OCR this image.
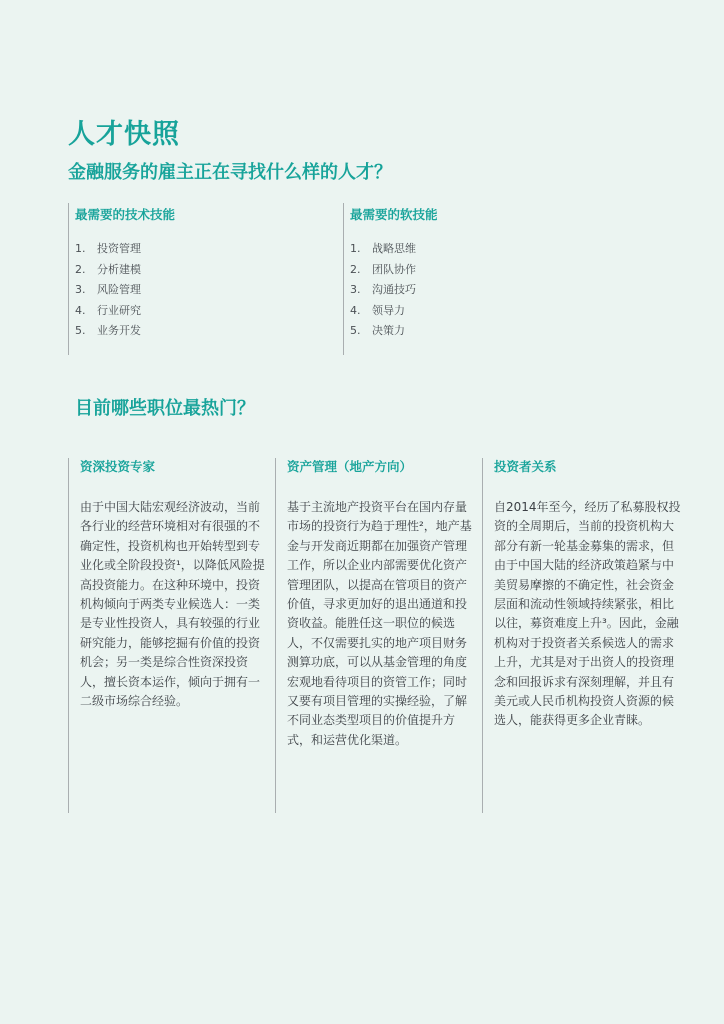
人才快照
金融服务的雇主正在寻找什么样的人才？
最需要的技术技能
1. 投资管理
2. 分析建模
3. 风险管理
4. 行业研究
5. 业务开发
最需要的软技能
1. 战略思维
2. 团队协作
3. 沟通技巧
4. 领导力
5. 决策力
目前哪些职位最热门？
资深投资专家

由于中国大陆宏观经济波动，当前各行业的经营环境相对有很强的不确定性，投资机构也开始转型到专业化或全阶段投资¹，以降低风险提高投资能力。在这种环境中，投资机构倾向于两类专业候选人：一类是专业性投资人，具有较强的行业研究能力，能够挖掘有价值的投资机会；另一类是综合性资深投资人，擅长资本运作，倾向于拥有一二级市场综合经验。

资产管理（地产方向）

基于主流地产投资平台在国内存量市场的投资行为趋于理性²，地产基金与开发商近期都在加强资产管理工作，所以企业内部需要优化资产管理团队，以提高在管项目的资产价值，寻求更加好的退出通道和投资收益。能胜任这一职位的候选人，不仅需要扎实的地产项目财务测算功底，可以从基金管理的角度宏观地看待项目的资管工作；同时又要有项目管理的实操经验，了解不同业态类型项目的价值提升方式，和运营优化渠道。

投资者关系

自2014年至今，经历了私募股权投资的全周期后，当前的投资机构大部分有新一轮基金募集的需求，但由于中国大陆的经济政策趋紧与中美贸易摩擦的不确定性，社会资金层面和流动性领域持续紧张，相比以往，募资难度上升³。因此，金融机构对于投资者关系候选人的需求上升，尤其是对于出资人的投资理念和回报诉求有深刻理解，并且有美元或人民币机构投资人资源的候选人，能获得更多企业青睐。
